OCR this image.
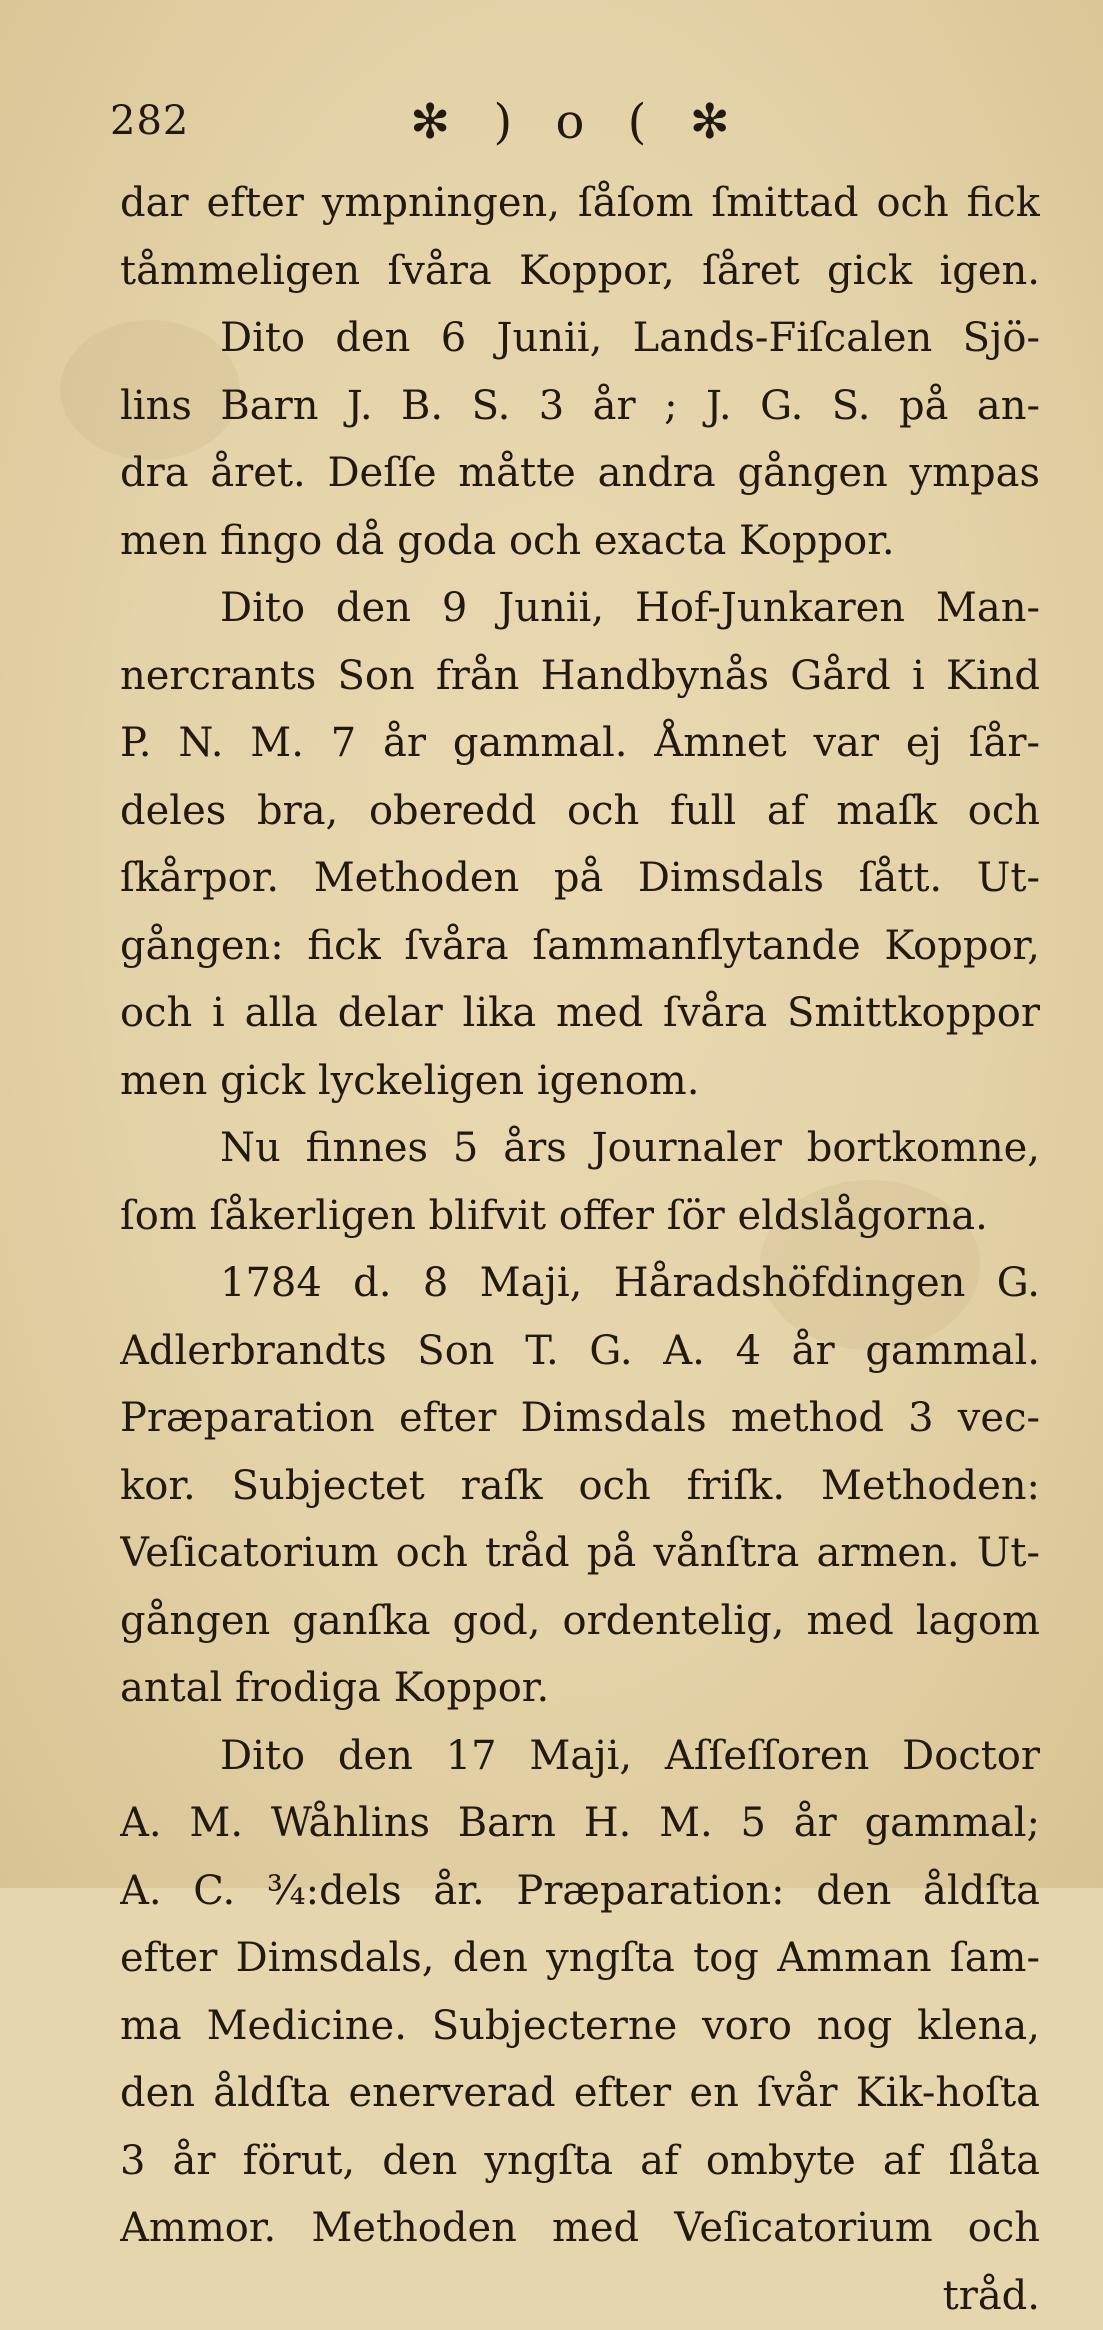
282	✻ ) o ( ✻
dar efter ympningen, ſåſom ſmittad och fick
tåmmeligen ſvåra Koppor, ſåret gick igen.
Dito den 6 Junii, Lands-Fiſcalen Sjö-
lins Barn J. B. S. 3 år ; J. G. S. på an-
dra året. Deſſe måtte andra gången ympas
men fingo då goda och exacta Koppor.
Dito den 9 Junii, Hof-Junkaren Man-
nercrants Son från Handbynås Gård i Kind
P. N. M. 7 år gammal. Åmnet var ej ſår-
deles bra, oberedd och full af maſk och
ſkårpor. Methoden på Dimsdals ſått. Ut-
gången: fick ſvåra ſammanflytande Koppor,
och i alla delar lika med ſvåra Smittkoppor
men gick lyckeligen igenom.
Nu finnes 5 års Journaler bortkomne,
ſom ſåkerligen blifvit offer ſör eldslågorna.
1784 d. 8 Maji, Håradshöfdingen G.
Adlerbrandts Son T. G. A. 4 år gammal.
Præparation efter Dimsdals method 3 vec-
kor. Subjectet raſk och friſk. Methoden:
Veſicatorium och tråd på vånſtra armen. Ut-
gången ganſka god, ordentelig, med lagom
antal frodiga Koppor.
Dito den 17 Maji, Aſſeſſoren Doctor
A. M. Wåhlins Barn H. M. 5 år gammal;
A. C. ¾:dels år. Præparation: den åldſta
efter Dimsdals, den yngſta tog Amman ſam-
ma Medicine. Subjecterne voro nog klena,
den åldſta enerverad efter en ſvår Kik-hoſta
3 år förut, den yngſta af ombyte af ſlåta
Ammor. Methoden med Veſicatorium och
tråd.
